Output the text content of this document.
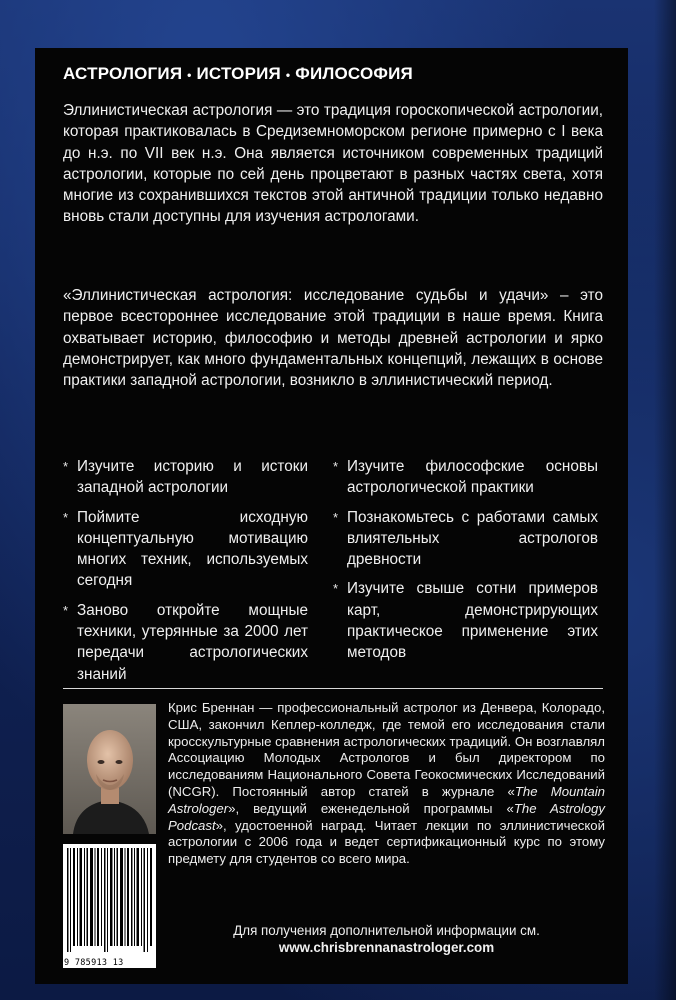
АСТРОЛОГИЯ • ИСТОРИЯ • ФИЛОСОФИЯ
Эллинистическая астрология — это традиция гороскопической астрологии, которая практиковалась в Средиземноморском регионе примерно с I века до н.э. по VII век н.э. Она является источником современных традиций астрологии, которые по сей день процветают в разных частях света, хотя многие из сохранившихся текстов этой античной традиции только недавно вновь стали доступны для изучения астрологами.
«Эллинистическая астрология: исследование судьбы и удачи» – это первое всестороннее исследование этой традиции в наше время. Книга охватывает историю, философию и методы древней астрологии и ярко демонстрирует, как много фундаментальных концепций, лежащих в основе практики западной астрологии, возникло в эллинистический период.
* Изучите историю и истоки западной астрологии
* Поймите исходную концептуальную мотивацию многих техник, используемых сегодня
* Заново откройте мощные техники, утерянные за 2000 лет передачи астрологических знаний
* Изучите философские основы астрологической практики
* Познакомьтесь с работами самых влиятельных астрологов древности
* Изучите свыше сотни примеров карт, демонстрирующих практическое применение этих методов
Крис Бреннан — профессиональный астролог из Денвера, Колорадо, США, закончил Кеплер-колледж, где темой его исследования стали кросскультурные сравнения астрологических традиций. Он возглавлял Ассоциацию Молодых Астрологов и был директором по исследованиям Национального Совета Геокосмических Исследований (NCGR). Постоянный автор статей в журнале «The Mountain Astrologer», ведущий еженедельной программы «The Astrology Podcast», удостоенной наград. Читает лекции по эллинистической астрологии с 2006 года и ведет сертификационный курс по этому предмету для студентов со всего мира.
9 785913 13
Для получения дополнительной информации см.
www.chrisbrennanastrologer.com
